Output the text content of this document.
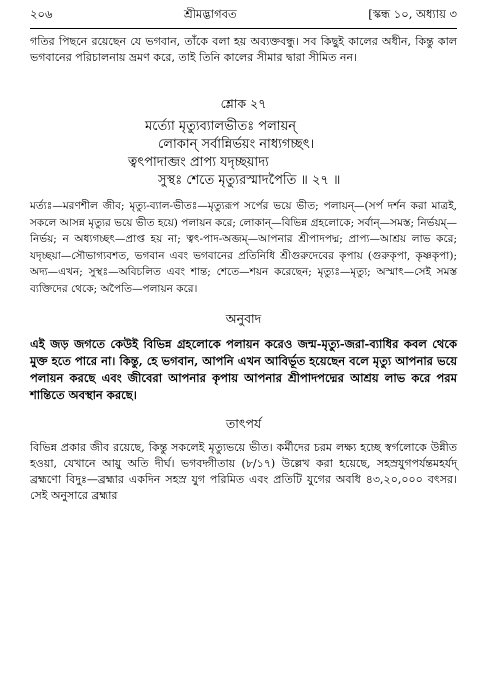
২০৬	শ্রীমদ্ভাগবত	[স্কন্ধ ১০, অধ্যায় ৩

গতির পিছনে রয়েছেন যে ভগবান, তাঁকে বলা হয় অব্যক্তবন্ধু। সব কিছুই কালের অধীন, কিন্তু কাল ভগবানের পরিচালনায় ভ্রমণ করে, তাই তিনি কালের সীমার দ্বারা সীমিত নন।

শ্লোক ২৭

মর্ত্যো মৃত্যুব্যালভীতঃ পলায়ন্
লোকান্ সর্বান্নির্ভয়ং নাধ্যগচ্ছৎ।
ত্বৎপাদাব্জং প্রাপ্য যদৃচ্ছয়াদ্য
সুস্থঃ শেতে মৃত্যুরস্মাদপৈতি ॥ ২৭ ॥

মর্ত্যঃ—মরণশীল জীব; মৃত্যু-ব্যাল-ভীতঃ—মৃত্যুরূপ সর্পের ভয়ে ভীত; পলায়ন্—(সর্প দর্শন করা মাত্রই, সকলে আসন্ন মৃত্যুর ভয়ে ভীত হয়ে) পলায়ন করে; লোকান্—বিভিন্ন গ্রহলোকে; সর্বান্—সমস্ত; নির্ভয়ম্—নির্ভয়; ন অধ্যগচ্ছৎ—প্রাপ্ত হয় না; ত্বৎ-পাদ-অব্জম্—আপনার শ্রীপাদপদ্ম; প্রাপ্য—আশ্রয় লাভ করে; যদৃচ্ছয়া—সৌভাগ্যবশত, ভগবান এবং ভগবানের প্রতিনিধি শ্রীগুরুদেবের কৃপায় (গুরুকৃপা, কৃষ্ণকৃপা); অদ্য—এখন; সুস্থঃ—অবিচলিত এবং শান্ত; শেতে—শয়ন করেছেন; মৃত্যুঃ—মৃত্যু; অস্মাৎ—সেই সমস্ত ব্যক্তিদের থেকে; অপৈতি—পলায়ন করে।

অনুবাদ

এই জড় জগতে কেউই বিভিন্ন গ্রহলোকে পলায়ন করেও জন্ম-মৃত্যু-জরা-ব্যাধির কবল থেকে মুক্ত হতে পারে না। কিন্তু, হে ভগবান, আপনি এখন আবির্ভূত হয়েছেন বলে মৃত্যু আপনার ভয়ে পলায়ন করছে এবং জীবেরা আপনার কৃপায় আপনার শ্রীপাদপদ্মের আশ্রয় লাভ করে পরম শান্তিতে অবস্থান করছে।

তাৎপর্য

বিভিন্ন প্রকার জীব রয়েছে, কিন্তু সকলেই মৃত্যুভয়ে ভীত। কর্মীদের চরম লক্ষ্য হচ্ছে স্বর্গলোকে উন্নীত হওয়া, যেখানে আয়ু অতি দীর্ঘ। ভগবদ্গীতায় (৮/১৭) উল্লেখ করা হয়েছে, সহস্রযুগপর্যন্তমহর্যদ্ ব্রহ্মণো বিদুঃ—ব্রহ্মার একদিন সহস্র যুগ পরিমিত এবং প্রতিটি যুগের অবধি ৪৩,২০,০০০ বৎসর। সেই অনুসারে ব্রহ্মার
